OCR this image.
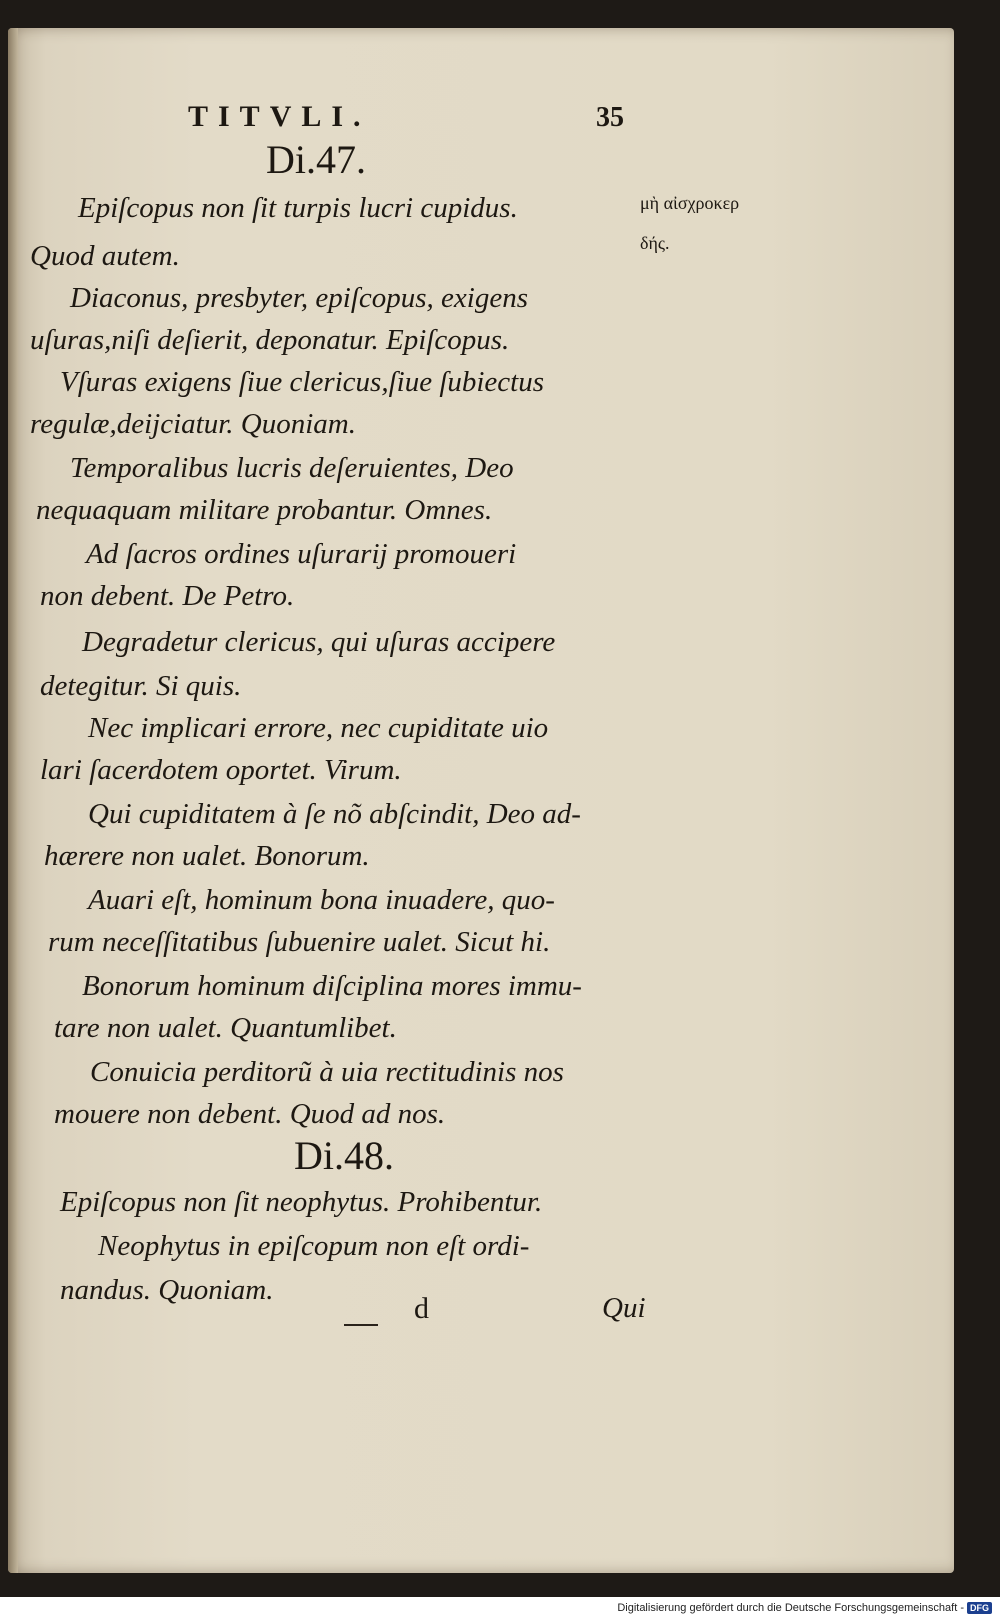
TITVLI.	35
Di.47.
Epiſcopus non ſit turpis lucri cupidus.	μὴ αἰσχροκερ
δής.
Quod autem.
Diaconus, presbyter, epiſcopus, exigens
uſuras,niſi deſierit, deponatur. Epiſcopus.
Vſuras exigens ſiue clericus,ſiue ſubiectus
regulæ,deijciatur. Quoniam.
Temporalibus lucris deſeruientes, Deo
nequaquam militare probantur. Omnes.
Ad ſacros ordines uſurarij promoueri
non debent. De Petro.
Degradetur clericus, qui uſuras accipere
detegitur. Si quis.
Nec implicari errore, nec cupiditate uio
lari ſacerdotem oportet. Virum.
Qui cupiditatem à ſe nõ abſcindit, Deo ad‑
hærere non ualet. Bonorum.
Auari eſt, hominum bona inuadere, quo‑
rum neceſſitatibus ſubuenire ualet. Sicut hi.
Bonorum hominum diſciplina mores immu‑
tare non ualet. Quantumlibet.
Conuicia perditorũ à uia rectitudinis nos
mouere non debent. Quod ad nos.
Di.48.
Epiſcopus non ſit neophytus. Prohibentur.
Neophytus in epiſcopum non eſt ordi‑
nandus. Quoniam.
d	Qui
Digitalisierung gefördert durch die Deutsche Forschungsgemeinschaft - DFG
